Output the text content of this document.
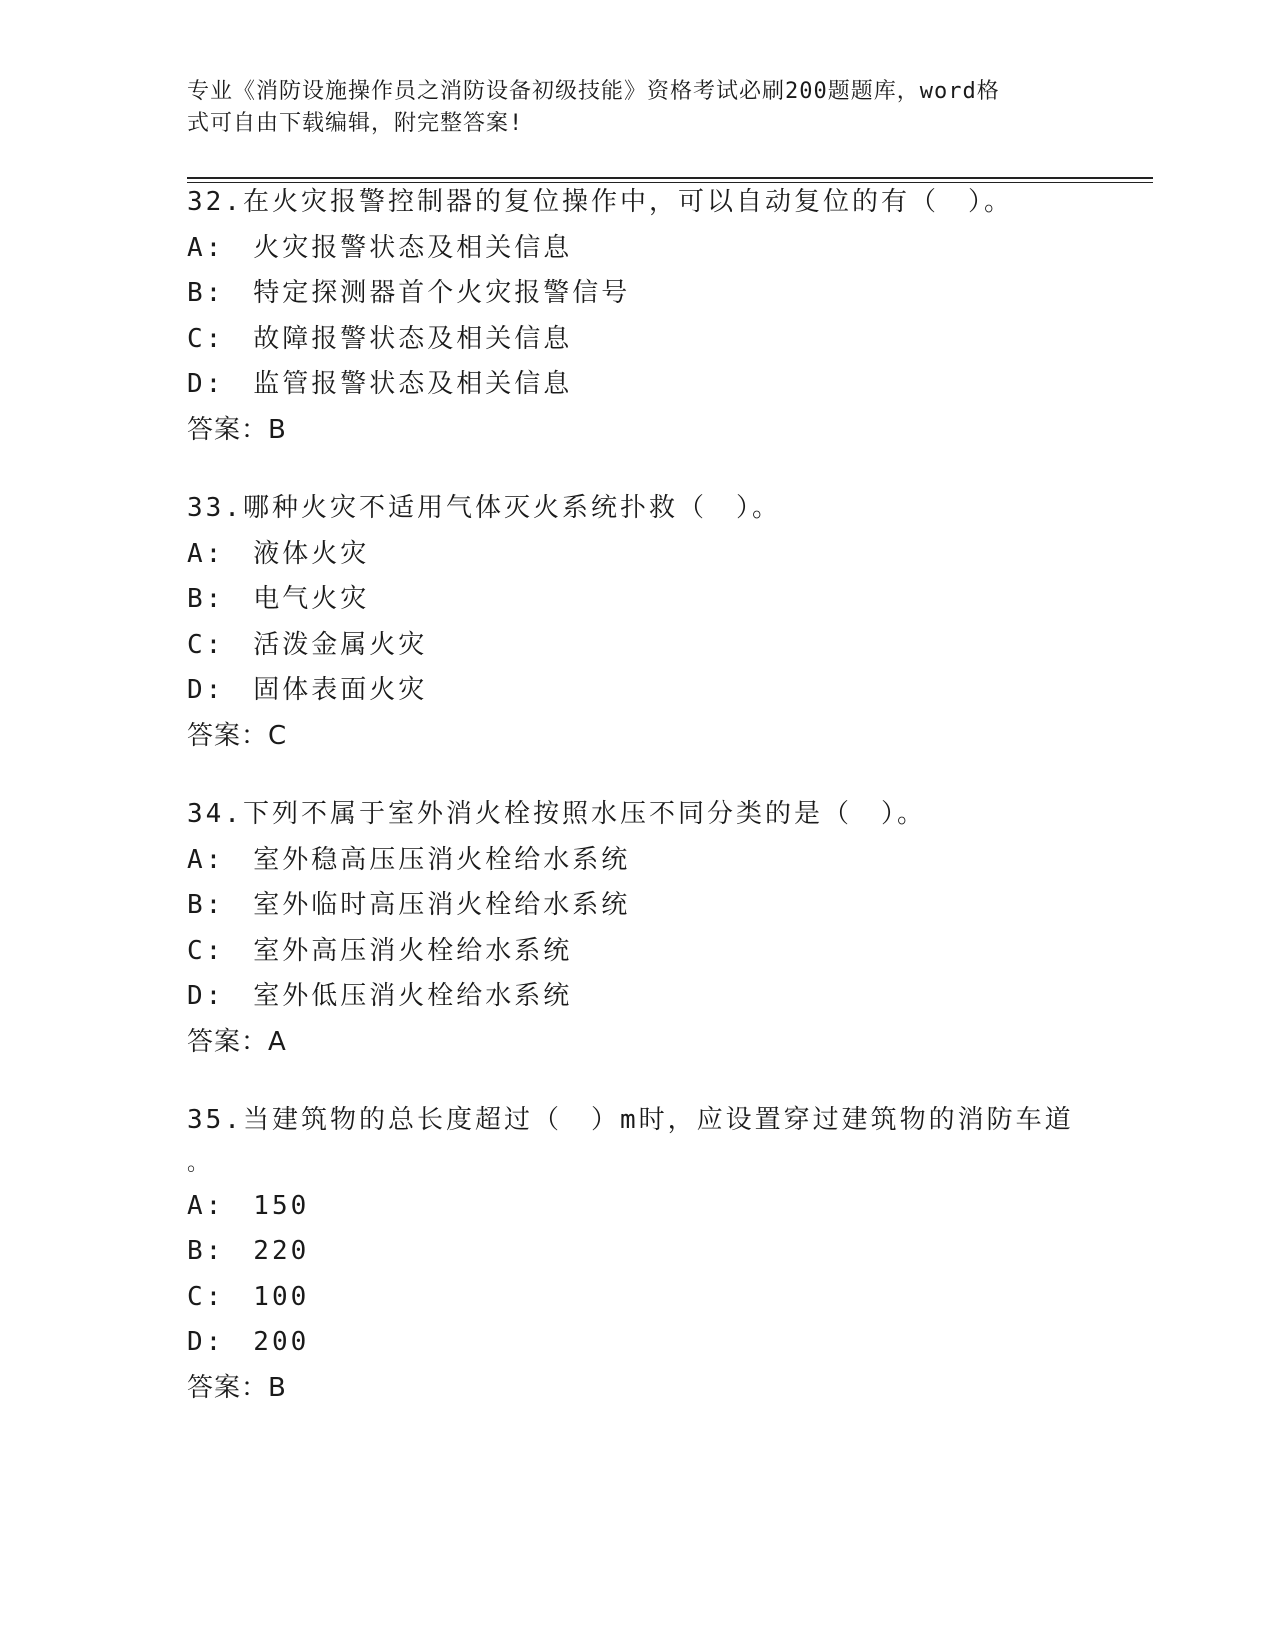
专业《消防设施操作员之消防设备初级技能》资格考试必刷200题题库，word格
式可自由下载编辑，附完整答案!
32.在火灾报警控制器的复位操作中，可以自动复位的有（　）。
A:　火灾报警状态及相关信息
B:　特定探测器首个火灾报警信号
C:　故障报警状态及相关信息
D:　监管报警状态及相关信息
答案：B
33.哪种火灾不适用气体灭火系统扑救（　）。
A:　液体火灾
B:　电气火灾
C:　活泼金属火灾
D:　固体表面火灾
答案：C
34.下列不属于室外消火栓按照水压不同分类的是（　）。
A:　室外稳高压压消火栓给水系统
B:　室外临时高压消火栓给水系统
C:　室外高压消火栓给水系统
D:　室外低压消火栓给水系统
答案：A
35.当建筑物的总长度超过（　）m时，应设置穿过建筑物的消防车道
。
A:　150
B:　220
C:　100
D:　200
答案：B
